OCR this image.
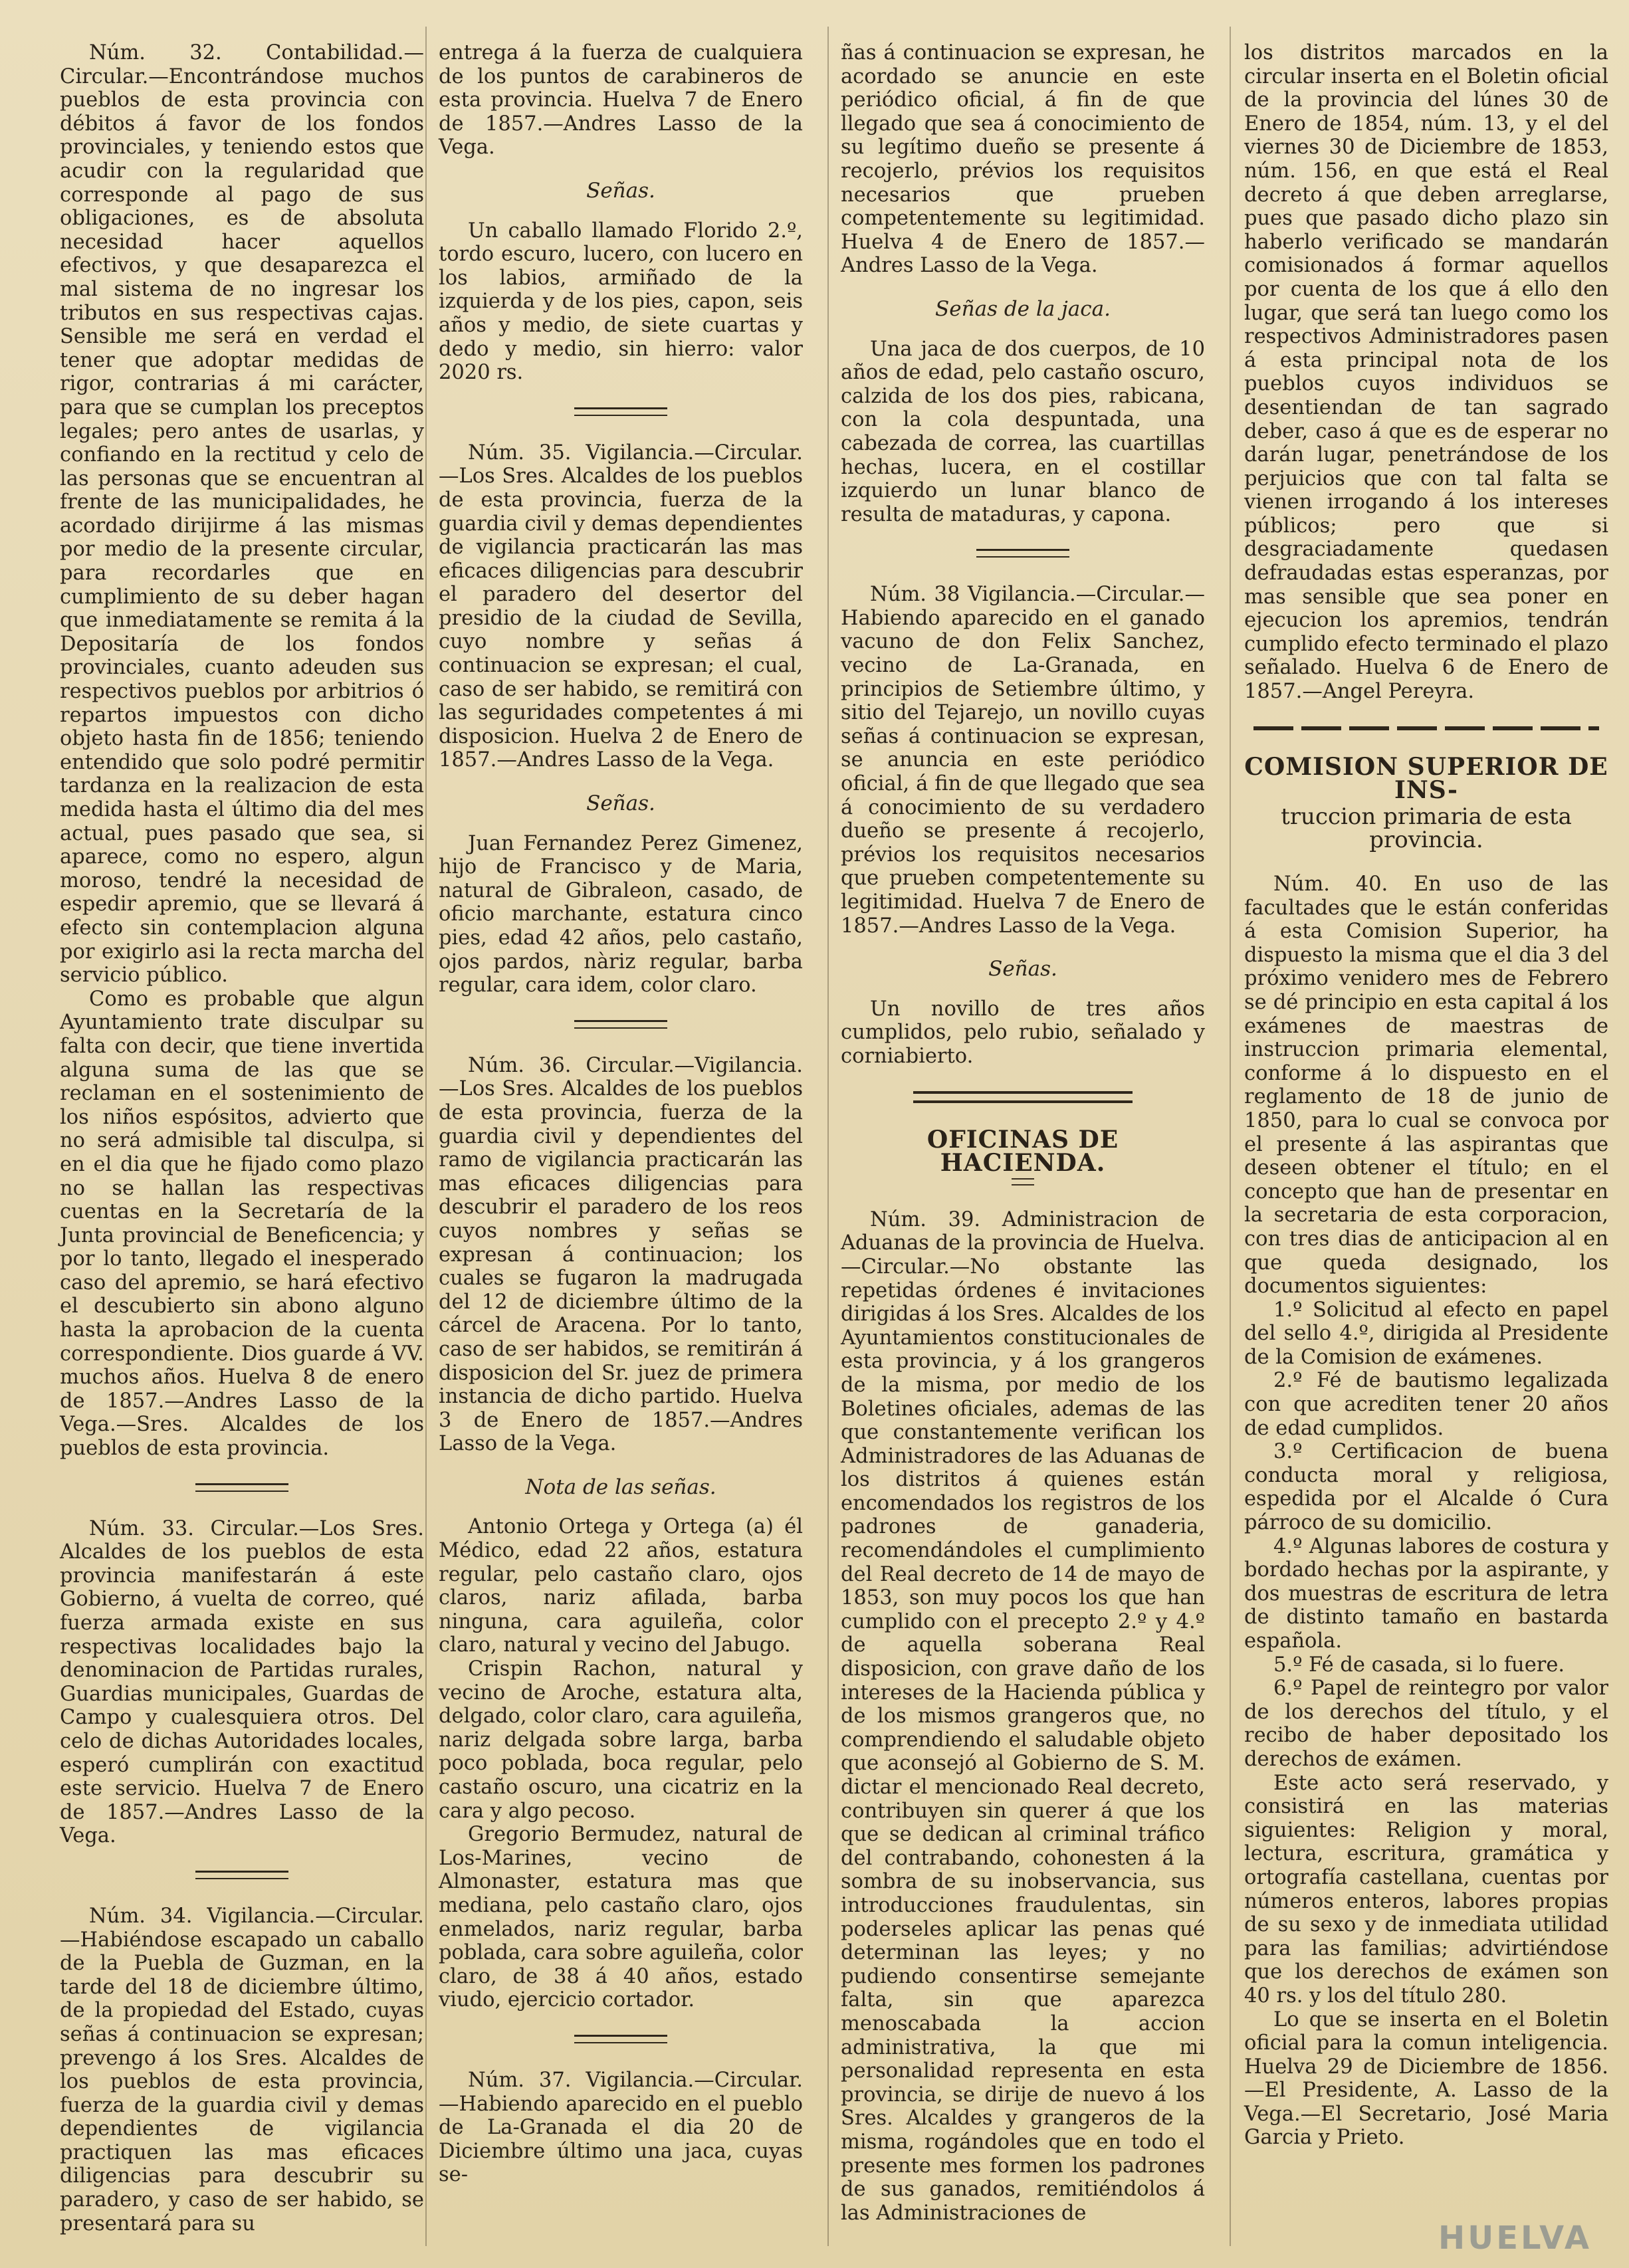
Núm. 32. Contabilidad.—Circular.—Encontrándose muchos pueblos de esta provincia con débitos á favor de los fondos provinciales, y teniendo estos que acudir con la regularidad que corresponde al pago de sus obligaciones, es de absoluta necesidad hacer aquellos efectivos, y que desaparezca el mal sistema de no ingresar los tributos en sus respectivas cajas. Sensible me será en verdad el tener que adoptar medidas de rigor, contrarias á mi carácter, para que se cumplan los preceptos legales; pero antes de usarlas, y confiando en la rectitud y celo de las personas que se encuentran al frente de las municipalidades, he acordado dirijirme á las mismas por medio de la presente circular, para recordarles que en cumplimiento de su deber hagan que inmediatamente se remita á la Depositaría de los fondos provinciales, cuanto adeuden sus respectivos pueblos por arbitrios ó repartos impuestos con dicho objeto hasta fin de 1856; teniendo entendido que solo podré permitir tardanza en la realizacion de esta medida hasta el último dia del mes actual, pues pasado que sea, si aparece, como no espero, algun moroso, tendré la necesidad de espedir apremio, que se llevará á efecto sin contemplacion alguna por exigirlo asi la recta marcha del servicio público.

Como es probable que algun Ayuntamiento trate disculpar su falta con decir, que tiene invertida alguna suma de las que se reclaman en el sostenimiento de los niños espósitos, advierto que no será admisible tal disculpa, si en el dia que he fijado como plazo no se hallan las respectivas cuentas en la Secretaría de la Junta provincial de Beneficencia; y por lo tanto, llegado el inesperado caso del apremio, se hará efectivo el descubierto sin abono alguno hasta la aprobacion de la cuenta correspondiente. Dios guarde á VV. muchos años. Huelva 8 de enero de 1857.—Andres Lasso de la Vega.—Sres. Alcaldes de los pueblos de esta provincia.

Núm. 33. Circular.—Los Sres. Alcaldes de los pueblos de esta provincia manifestarán á este Gobierno, á vuelta de correo, qué fuerza armada existe en sus respectivas localidades bajo la denominacion de Partidas rurales, Guardias municipales, Guardas de Campo y cualesquiera otros. Del celo de dichas Autoridades locales, esperó cumplirán con exactitud este servicio. Huelva 7 de Enero de 1857.—Andres Lasso de la Vega.

Núm. 34. Vigilancia.—Circular.—Habiéndose escapado un caballo de la Puebla de Guzman, en la tarde del 18 de diciembre último, de la propiedad del Estado, cuyas señas á continuacion se expresan; prevengo á los Sres. Alcaldes de los pueblos de esta provincia, fuerza de la guardia civil y demas dependientes de vigilancia practiquen las mas eficaces diligencias para descubrir su paradero, y caso de ser habido, se presentará para su

entrega á la fuerza de cualquiera de los puntos de carabineros de esta provincia. Huelva 7 de Enero de 1857.—Andres Lasso de la Vega.

Señas.

Un caballo llamado Florido 2.º, tordo escuro, lucero, con lucero en los labios, armiñado de la izquierda y de los pies, capon, seis años y medio, de siete cuartas y dedo y medio, sin hierro: valor 2020 rs.

Núm. 35. Vigilancia.—Circular.—Los Sres. Alcaldes de los pueblos de esta provincia, fuerza de la guardia civil y demas dependientes de vigilancia practicarán las mas eficaces diligencias para descubrir el paradero del desertor del presidio de la ciudad de Sevilla, cuyo nombre y señas á continuacion se expresan; el cual, caso de ser habido, se remitirá con las seguridades competentes á mi disposicion. Huelva 2 de Enero de 1857.—Andres Lasso de la Vega.

Señas.

Juan Fernandez Perez Gimenez, hijo de Francisco y de Maria, natural de Gibraleon, casado, de oficio marchante, estatura cinco pies, edad 42 años, pelo castaño, ojos pardos, nàriz regular, barba regular, cara idem, color claro.

Núm. 36. Circular.—Vigilancia.—Los Sres. Alcaldes de los pueblos de esta provincia, fuerza de la guardia civil y dependientes del ramo de vigilancia practicarán las mas eficaces diligencias para descubrir el paradero de los reos cuyos nombres y señas se expresan á continuacion; los cuales se fugaron la madrugada del 12 de diciembre último de la cárcel de Aracena. Por lo tanto, caso de ser habidos, se remitirán á disposicion del Sr. juez de primera instancia de dicho partido. Huelva 3 de Enero de 1857.—Andres Lasso de la Vega.

Nota de las señas.

Antonio Ortega y Ortega (a) él Médico, edad 22 años, estatura regular, pelo castaño claro, ojos claros, nariz afilada, barba ninguna, cara aguileña, color claro, natural y vecino del Jabugo.

Crispin Rachon, natural y vecino de Aroche, estatura alta, delgado, color claro, cara aguileña, nariz delgada sobre larga, barba poco poblada, boca regular, pelo castaño oscuro, una cicatriz en la cara y algo pecoso.

Gregorio Bermudez, natural de Los-Marines, vecino de Almonaster, estatura mas que mediana, pelo castaño claro, ojos enmelados, nariz regular, barba poblada, cara sobre aguileña, color claro, de 38 á 40 años, estado viudo, ejercicio cortador.

Núm. 37. Vigilancia.—Circular.—Habiendo aparecido en el pueblo de La-Granada el dia 20 de Diciembre último una jaca, cuyas se-

ñas á continuacion se expresan, he acordado se anuncie en este periódico oficial, á fin de que llegado que sea á conocimiento de su legítimo dueño se presente á recojerlo, prévios los requisitos necesarios que prueben competentemente su legitimidad. Huelva 4 de Enero de 1857.—Andres Lasso de la Vega.

Señas de la jaca.

Una jaca de dos cuerpos, de 10 años de edad, pelo castaño oscuro, calzida de los dos pies, rabicana, con la cola despuntada, una cabezada de correa, las cuartillas hechas, lucera, en el costillar izquierdo un lunar blanco de resulta de mataduras, y capona.

Núm. 38 Vigilancia.—Circular.—Habiendo aparecido en el ganado vacuno de don Felix Sanchez, vecino de La-Granada, en principios de Setiembre último, y sitio del Tejarejo, un novillo cuyas señas á continuacion se expresan, se anuncia en este periódico oficial, á fin de que llegado que sea á conocimiento de su verdadero dueño se presente á recojerlo, prévios los requisitos necesarios que prueben competentemente su legitimidad. Huelva 7 de Enero de 1857.—Andres Lasso de la Vega.

Señas.

Un novillo de tres años cumplidos, pelo rubio, señalado y corniabierto.

OFICINAS DE HACIENDA.

Núm. 39. Administracion de Aduanas de la provincia de Huelva.—Circular.—No obstante las repetidas órdenes é invitaciones dirigidas á los Sres. Alcaldes de los Ayuntamientos constitucionales de esta provincia, y á los grangeros de la misma, por medio de los Boletines oficiales, ademas de las que constantemente verifican los Administradores de las Aduanas de los distritos á quienes están encomendados los registros de los padrones de ganaderia, recomendándoles el cumplimiento del Real decreto de 14 de mayo de 1853, son muy pocos los que han cumplido con el precepto 2.º y 4.º de aquella soberana Real disposicion, con grave daño de los intereses de la Hacienda pública y de los mismos grangeros que, no comprendiendo el saludable objeto que aconsejó al Gobierno de S. M. dictar el mencionado Real decreto, contribuyen sin querer á que los que se dedican al criminal tráfico del contrabando, cohonesten á la sombra de su inobservancia, sus introducciones fraudulentas, sin poderseles aplicar las penas qué determinan las leyes; y no pudiendo consentirse semejante falta, sin que aparezca menoscabada la accion administrativa, la que mi personalidad representa en esta provincia, se dirije de nuevo á los Sres. Alcaldes y grangeros de la misma, rogándoles que en todo el presente mes formen los padrones de sus ganados, remitiéndolos á las Administraciones de

los distritos marcados en la circular inserta en el Boletin oficial de la provincia del lúnes 30 de Enero de 1854, núm. 13, y el del viernes 30 de Diciembre de 1853, núm. 156, en que está el Real decreto á que deben arreglarse, pues que pasado dicho plazo sin haberlo verificado se mandarán comisionados á formar aquellos por cuenta de los que á ello den lugar, que será tan luego como los respectivos Administradores pasen á esta principal nota de los pueblos cuyos individuos se desentiendan de tan sagrado deber, caso á que es de esperar no darán lugar, penetrándose de los perjuicios que con tal falta se vienen irrogando á los intereses públicos; pero que si desgraciadamente quedasen defraudadas estas esperanzas, por mas sensible que sea poner en ejecucion los apremios, tendrán cumplido efecto terminado el plazo señalado. Huelva 6 de Enero de 1857.—Angel Pereyra.

COMISION SUPERIOR DE INS-
truccion primaria de esta provincia.

Núm. 40. En uso de las facultades que le están conferidas á esta Comision Superior, ha dispuesto la misma que el dia 3 del próximo venidero mes de Febrero se dé principio en esta capital á los exámenes de maestras de instruccion primaria elemental, conforme á lo dispuesto en el reglamento de 18 de junio de 1850, para lo cual se convoca por el presente á las aspirantas que deseen obtener el título; en el concepto que han de presentar en la secretaria de esta corporacion, con tres dias de anticipacion al en que queda designado, los documentos siguientes:

1.º Solicitud al efecto en papel del sello 4.º, dirigida al Presidente de la Comision de exámenes.

2.º Fé de bautismo legalizada con que acrediten tener 20 años de edad cumplidos.

3.º Certificacion de buena conducta moral y religiosa, espedida por el Alcalde ó Cura párroco de su domicilio.

4.º Algunas labores de costura y bordado hechas por la aspirante, y dos muestras de escritura de letra de distinto tamaño en bastarda española.

5.º Fé de casada, si lo fuere.

6.º Papel de reintegro por valor de los derechos del título, y el recibo de haber depositado los derechos de exámen.

Este acto será reservado, y consistirá en las materias siguientes: Religion y moral, lectura, escritura, gramática y ortografía castellana, cuentas por números enteros, labores propias de su sexo y de inmediata utilidad para las familias; advirtiéndose que los derechos de exámen son 40 rs. y los del título 280.

Lo que se inserta en el Boletin oficial para la comun inteligencia. Huelva 29 de Diciembre de 1856. —El Presidente, A. Lasso de la Vega.—El Secretario, José Maria Garcia y Prieto.

HUELVA
